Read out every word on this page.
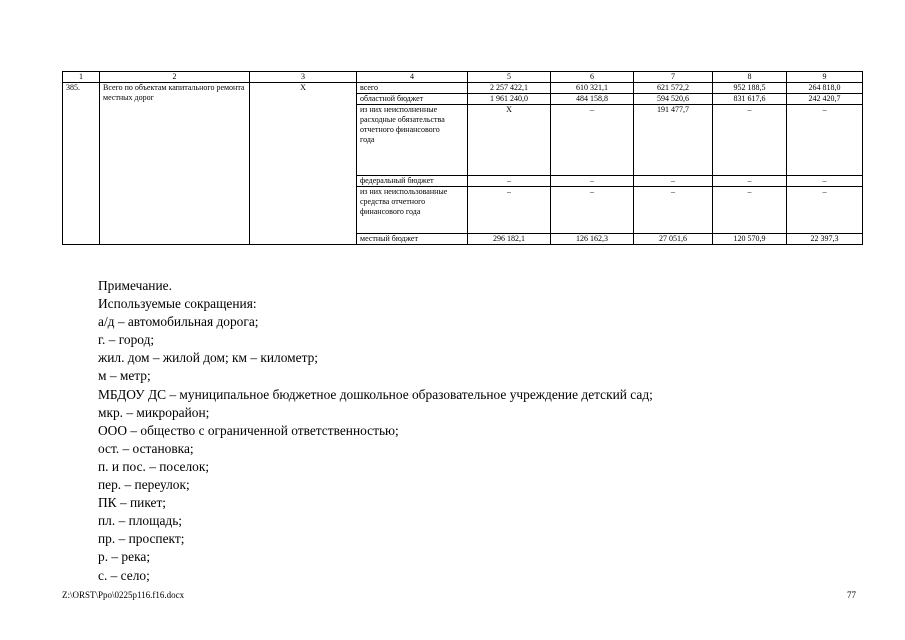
1	2	3	4	5	6	7	8	9
385.	Всего по объектам капитального ремонта местных дорог	Х	всего	2 257 422,1	610 321,1	621 572,2	952 188,5	264 818,0
			областной бюджет	1 961 240,0	484 158,8	594 520,6	831 617,6	242 420,7
			из них неисполненные расходные обязательства отчетного финансового года	Х	–	191 477,7	–	–
			федеральный бюджет	–	–	–	–	–
			из них неиспользованные средства отчетного финансового года	–	–	–	–	–
			местный бюджет	296 182,1	126 162,3	27 051,6	120 570,9	22 397,3
Примечание.
Используемые сокращения:
а/д – автомобильная дорога;
г. – город;
жил. дом – жилой дом; км – километр;
м – метр;
МБДОУ ДС – муниципальное бюджетное дошкольное образовательное учреждение детский сад;
мкр. – микрорайон;
ООО – общество с ограниченной ответственностью;
ост. – остановка;
п. и пос. – поселок;
пер. – переулок;
ПК – пикет;
пл. – площадь;
пр. – проспект;
р. – река;
с. – село;
Z:\ORST\Ppo\0225p116.f16.docx	77
